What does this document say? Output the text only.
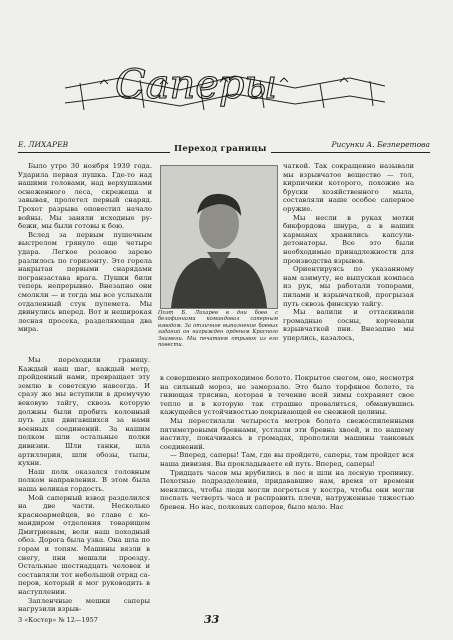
Саперы
Е. ЛИХАРЕВ	Рисунки А. Безперетова
Переход границы

Было утро 30 ноября 1939 года. Ударила первая пушка. Где-то над нашими головами, над верхушками оснеженного леса, скрежеща и завывая, пролетел первый снаряд. Грохот разрыва оповестил начало войны. Мы заняли исходные рубежи, мы были готовы к бою.

Вслед за первым пушечным выстрелом грянуло еще четыре удара. Легкое розовое зарево разлилось по горизонту. Это горела накрытая первыми снарядами погранзастава врага. Пушки били теперь непрерывно. Внезапно они смолкли — и тогда мы все услыхали отдаленный стук пулемета. Мы двинулись вперед. Вот и неширокая лесная просека, разделяющая два мира.

Поэт Б. Лихарев в дни боев с белофиннами командовал саперным взводом. За отличное выполнение боевых заданий он награжден орденом Красного Знамени. Мы печатаем отрывок из его повести.

чаткой. Так сокращенно называли мы взрывчатое вещество — тол, кирпичики которого, похожие на бруски хозяйственного мыла, составляли наше особое саперное оружие.

Мы несли в руках мотки бикфордова шнура, а в наших карманах хранились капсули-детонаторы. Все это были необходимые принадлежности для производства взрывов.

Ориентируясь по указанному нам азимуту, не выпуская компаса из рук, мы работали топорами, пилами и взрывчаткой, прогрызая путь сквозь финскую тайгу.

Мы валили и оттаскивали громадные сосны, корчевали взрывчаткой пни. Внезапно мы уперлись, казалось,

Мы переходили границу. Каждый наш шаг, каждый метр, пройденный нами, превращает эту землю в советскую навсегда. И сразу же мы вступили в дремучую вековую тайгу, сквозь которую должны были пробить колонный путь для двигавшихся за нами военных соединений. За нашим полком шли остальные полки дивизии. Шли танки, шла артиллерия, шли обозы, тылы, кухни.

Наш полк оказался головным полком направления. В этом была наша великая гордость.

Мой саперный взвод разделился на две части. Несколько красноармейцев, во главе с командиром отделения товарищем Дмитриевым, вели наш походный обоз. Дорога была узка. Она шла по горам и топям. Машины вязли в снегу, пни мешали проезду. Остальные шестнадцать человек и составляли тот небольшой отряд саперов, который я мог руководить в наступлении.

Запленчные мешки саперы нагрузили взрыв-

в совершенно непроходимое болото. Покрытое снегом, оно, несмотря на сильный мороз, не замерзало. Это было торфяное болото, та гниющая трясина, которая в течение всей зимы сохраняет свое тепло и в которую так страшно провалиться, обманувшись кажущейся устойчивостью покрывающей ее снежной целины.

Мы перестилали четыреста метров болота свежеспиленными пятиметровыми бревнами, устлали эти бревна хвоей, и по нашему настилу, покачиваясь в громадах, прополили машины танковых соединений.

— Вперед, саперы! Там, где вы пройдете, саперы, там пройдет вся наша дивизия. Вы прокладываете ей путь. Вперед, саперы!

Тридцать часов мы врубились в лес и шли на лесную тропинку. Пехотные подразделения, придававшие нам, время от времени менялись, чтобы люди могли погреться у костра, чтобы они могли поспать четверть часа и расправить плечи, натруженные тяжестью бревен. Но нас, полковых саперов, было мало. Нас

3 «Костер» № 12—1957	33
